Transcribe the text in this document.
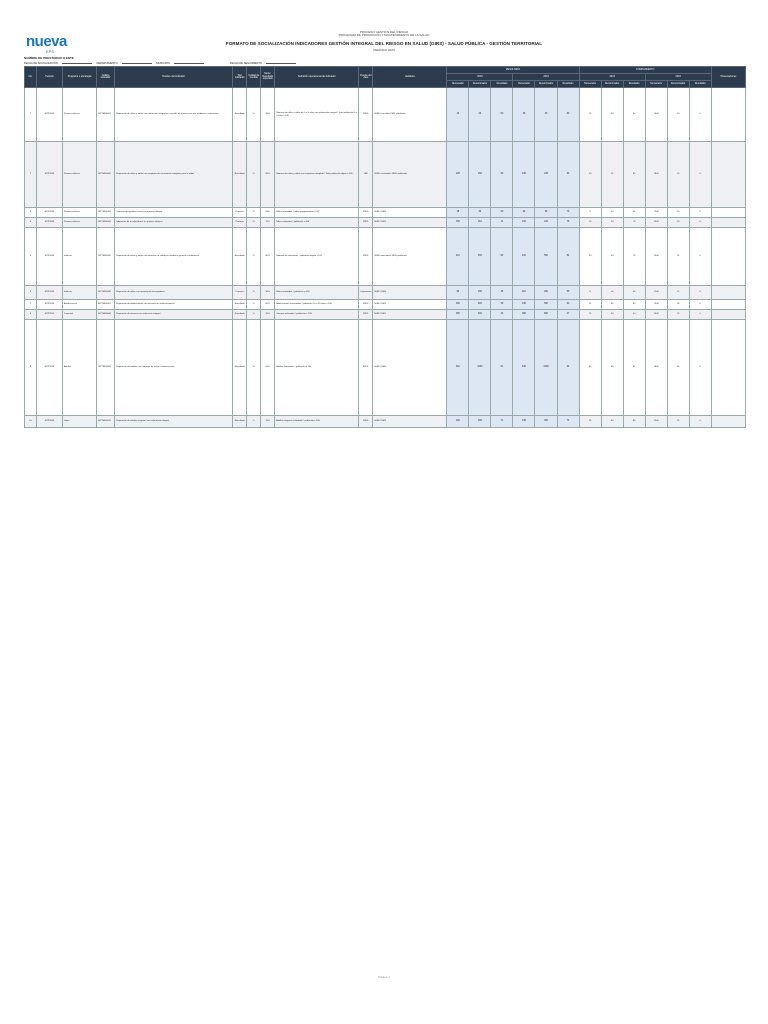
nueva
EPS
PROCESO GESTIÓN DEL RIESGO
PROGRAMA DE PROMOCIÓN Y MANTENIMIENTO DE LA SALUD
FORMATO DE SOCIALIZACIÓN INDICADORES GESTIÓN INTEGRAL DEL RIESGO EN SALUD (GIRS) - SALUD PÚBLICA - GESTIÓN TERRITORIAL
PERIODO 2024
NOMBRE DE PRESTADOR O ENTE
FECHA DE SOCIALIZACIÓN	DEPARTAMENTO	MUNICIPIO	FECHA DE SEGUIMIENTO
No.	Periodo	Programa o estrategia	Código indicador	Nombre del indicador	Tipo indicador	Unidad de medida	Meta / Resultado esperado	Definición operacional del indicador	Fuente del dato	Variables	RESULTADO						CUMPLIMIENTO						Observaciones
											2023			2024			2023			2024			
											Numerador	Denominador	Resultado	Numerador	Denominador	Resultado	Numerador	Denominador	Resultado	Numerador	Denominador	Resultado	
1	MTP2024	Primera infancia	SIPTM00001	Proporción de niños y niñas con valoración integral en consulta de primera vez por medicina o enfermería	Resultado	%	80%	Número de niños y niñas de 0 a 5 años con valoración integral / Total población 0 a 5 años x 100	RIPS	NUM: consultas DEN: población	10	20	50	25	30	83	12	20	60	7500	10	0	
2	MTP2024	Primera infancia	SIPTM00002	Proporción de niños y niñas con esquema de vacunación completo para la edad	Resultado	%	95%	Número de niños y niñas con esquema completo / Total población objeto x 100	PAI	NUM: vacunados DEN: población	225	250	90	230	245	94	20	24	83	7800	15	0	
3	MTP2024	Primera infancia	SIPTM00003	Tamizaje de agudeza visual en primera infancia	Proceso	%	60%	Niños tamizados / niños programados x 100	RIPS	NUM / DEN	18	30	60	22	30	73	5	10	50	7200	10	0	
4	MTP2024	Primera infancia	SIPTM00004	Valoración de la salud bucal en primera infancia	Proceso	%	70%	Niños valorados / población x 100	RIPS	NUM / DEN	150	210	71	160	210	76	14	20	70	7000	20	0	
5	MTP2024	Infancia	SIPTM00005	Proporción de niños y niñas con atención en salud por medicina general o enfermería	Resultado	%	80%	Número de atenciones / población objeto x 100	RIPS	NUM: atenciones DEN: población	410	500	82	420	500	84	30	40	75	7400	25	0	
6	MTP2024	Infancia	SIPTM00006	Proporción de niños con tamizaje de hemoglobina	Proceso	%	50%	Niños tamizados / población x 100	Laboratorio	NUM / DEN	90	200	45	110	200	55	8	16	50	7100	12	0	
7	MTP2024	Adolescencia	SIPTM00007	Proporción de adolescentes con asesoría en anticoncepción	Resultado	%	60%	Adolescentes asesorados / población 10 a 19 años x 100	RIPS	NUM / DEN	300	520	58	330	520	63	22	35	63	7300	18	0	
8	MTP2024	Juventud	SIPTM00008	Proporción de jóvenes con valoración integral	Resultado	%	50%	Jóvenes valorados / población x 100	RIPS	NUM / DEN	250	600	42	280	600	47	15	30	50	7000	16	0	
9	MTP2024	Adultez	SIPTM00009	Proporción de adultos con tamizaje de riesgo cardiovascular	Resultado	%	60%	Adultos tamizados / población x 100	RIPS	NUM / DEN	610	1000	61	640	1000	64	40	60	67	7600	30	0	
10	MTP2024	Vejez	SIPTM00010	Proporción de adultos mayores con valoración integral	Resultado	%	70%	Adultos mayores valorados / población x 100	RIPS	NUM / DEN	320	450	71	335	450	74	25	30	83	7500	22	0	
Página 1
